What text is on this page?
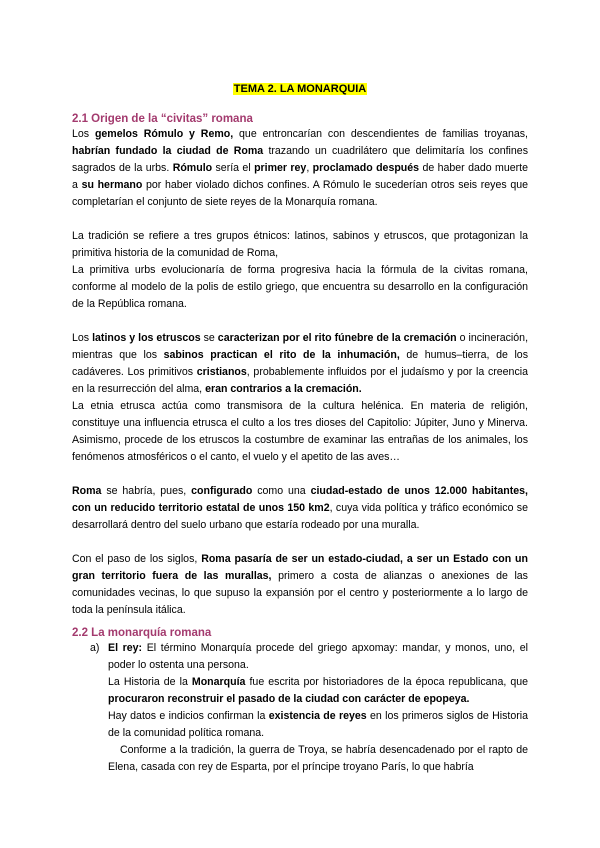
TEMA 2. LA MONARQUIA
2.1 Origen de la “civitas” romana

Los gemelos Rómulo y Remo, que entroncarían con descendientes de familias troyanas, habrían fundado la ciudad de Roma trazando un cuadrilátero que delimitaría los confines sagrados de la urbs. Rómulo sería el primer rey, proclamado después de haber dado muerte a su hermano por haber violado dichos confines. A Rómulo le sucederían otros seis reyes que completarían el conjunto de siete reyes de la Monarquía romana.

La tradición se refiere a tres grupos étnicos: latinos, sabinos y etruscos, que protagonizan la primitiva historia de la comunidad de Roma,

La primitiva urbs evolucionaría de forma progresiva hacia la fórmula de la civitas romana, conforme al modelo de la polis de estilo griego, que encuentra su desarrollo en la configuración de la República romana.

Los latinos y los etruscos se caracterizan por el rito fúnebre de la cremación o incineración, mientras que los sabinos practican el rito de la inhumación, de humus–tierra, de los cadáveres. Los primitivos cristianos, probablemente influidos por el judaísmo y por la creencia en la resurrección del alma, eran contrarios a la cremación.

La etnia etrusca actúa como transmisora de la cultura helénica. En materia de religión, constituye una influencia etrusca el culto a los tres dioses del Capitolio: Júpiter, Juno y Minerva. Asimismo, procede de los etruscos la costumbre de examinar las entrañas de los animales, los fenómenos atmosféricos o el canto, el vuelo y el apetito de las aves…

Roma se habría, pues, configurado como una ciudad-estado de unos 12.000 habitantes, con un reducido territorio estatal de unos 150 km2, cuya vida política y tráfico económico se desarrollará dentro del suelo urbano que estaría rodeado por una muralla.

Con el paso de los siglos, Roma pasaría de ser un estado-ciudad, a ser un Estado con un gran territorio fuera de las murallas, primero a costa de alianzas o anexiones de las comunidades vecinas, lo que supuso la expansión por el centro y posteriormente a lo largo de toda la península itálica.

2.2 La monarquía romana
a) El rey: El término Monarquía procede del griego apxomay: mandar, y monos, uno, el poder lo ostenta una persona.

La Historia de la Monarquía fue escrita por historiadores de la época republicana, que procuraron reconstruir el pasado de la ciudad con carácter de epopeya.

Hay datos e indicios confirman la existencia de reyes en los primeros siglos de Historia de la comunidad política romana.

Conforme a la tradición, la guerra de Troya, se habría desencadenado por el rapto de Elena, casada con rey de Esparta, por el príncipe troyano París, lo que habría
